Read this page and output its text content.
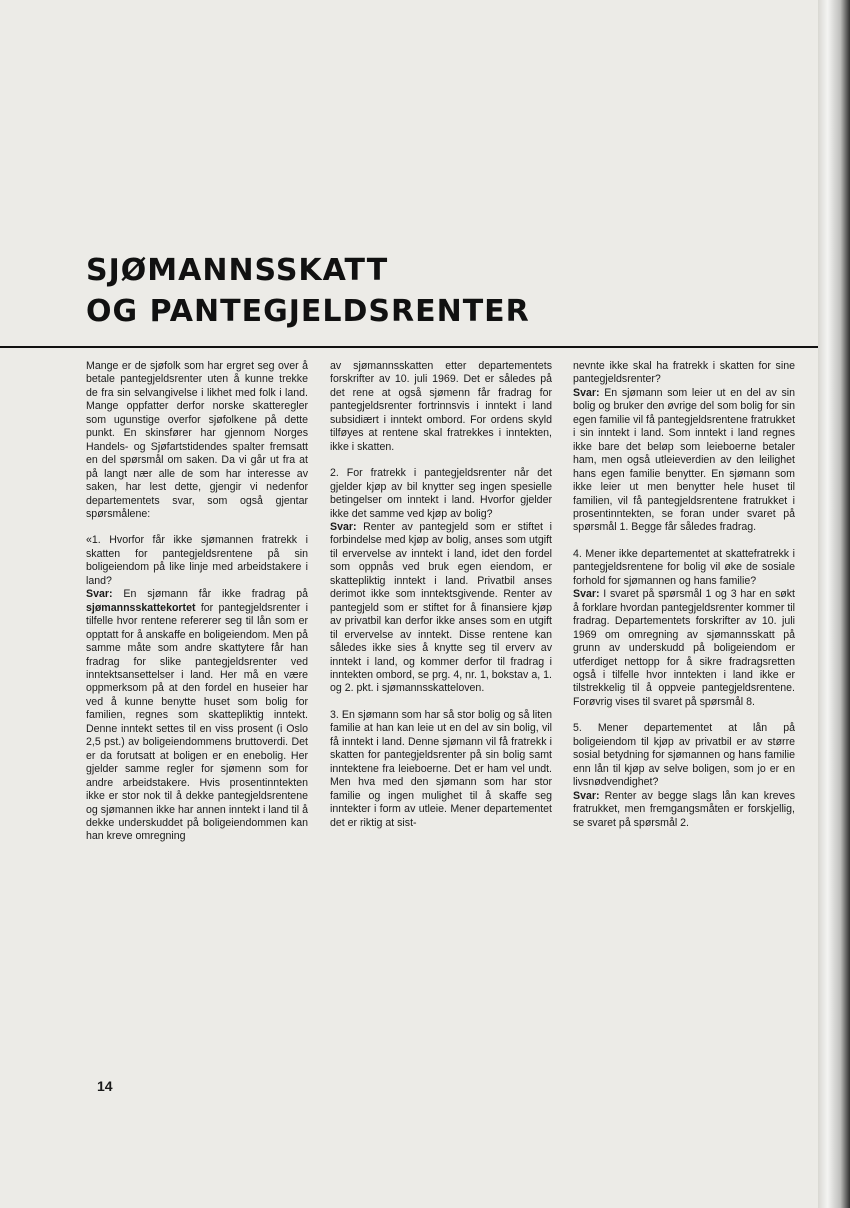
SJØMANNSSKATT
OG PANTEGJELDSRENTER

Mange er de sjøfolk som har ergret seg over å betale pantegjeldsrenter uten å kunne trekke de fra sin selvangivelse i likhet med folk i land. Mange oppfatter derfor norske skatteregler som ugunstige overfor sjøfolkene på dette punkt. En skinsfører har gjennom Norges Handels- og Sjøfartstidendes spalter fremsatt en del spørsmål om saken. Da vi går ut fra at på langt nær alle de som har interesse av saken, har lest dette, gjengir vi nedenfor departementets svar, som også gjentar spørsmålene:

«1. Hvorfor får ikke sjømannen fratrekk i skatten for pantegjeldsrentene på sin boligeiendom på like linje med arbeidstakere i land?

Svar: En sjømann får ikke fradrag på sjømannsskattekortet for pantegjeldsrenter i tilfelle hvor rentene refererer seg til lån som er opptatt for å anskaffe en boligeiendom. Men på samme måte som andre skattytere får han fradrag for slike pantegjeldsrenter ved inntektsansettelser i land. Her må en være oppmerksom på at den fordel en huseier har ved å kunne benytte huset som bolig for familien, regnes som skattepliktig inntekt. Denne inntekt settes til en viss prosent (i Oslo 2,5 pst.) av boligeiendommens bruttoverdi. Det er da forutsatt at boligen er en enebolig. Her gjelder samme regler for sjømenn som for andre arbeidstakere. Hvis prosentinntekten ikke er stor nok til å dekke pantegjeldsrentene og sjømannen ikke har annen inntekt i land til å dekke underskuddet på boligeiendommen kan han kreve omregning

av sjømannsskatten etter departementets forskrifter av 10. juli 1969. Det er således på det rene at også sjømenn får fradrag for pantegjeldsrenter fortrinnsvis i inntekt i land subsidiært i inntekt ombord. For ordens skyld tilføyes at rentene skal fratrekkes i inntekten, ikke i skatten.

2. For fratrekk i pantegjeldsrenter når det gjelder kjøp av bil knytter seg ingen spesielle betingelser om inntekt i land. Hvorfor gjelder ikke det samme ved kjøp av bolig?

Svar: Renter av pantegjeld som er stiftet i forbindelse med kjøp av bolig, anses som utgift til ervervelse av inntekt i land, idet den fordel som oppnås ved bruk egen eiendom, er skattepliktig inntekt i land. Privatbil anses derimot ikke som inntektsgivende. Renter av pantegjeld som er stiftet for å finansiere kjøp av privatbil kan derfor ikke anses som en utgift til ervervelse av inntekt. Disse rentene kan således ikke sies å knytte seg til erverv av inntekt i land, og kommer derfor til fradrag i inntekten ombord, se prg. 4, nr. 1, bokstav a, 1. og 2. pkt. i sjømannsskatteloven.

3. En sjømann som har så stor bolig og så liten familie at han kan leie ut en del av sin bolig, vil få inntekt i land. Denne sjømann vil få fratrekk i skatten for pantegjeldsrenter på sin bolig samt inntektene fra leieboerne. Det er ham vel undt. Men hva med den sjømann som har stor familie og ingen mulighet til å skaffe seg inntekter i form av utleie. Mener departementet det er riktig at sist-

nevnte ikke skal ha fratrekk i skatten for sine pantegjeldsrenter?

Svar: En sjømann som leier ut en del av sin bolig og bruker den øvrige del som bolig for sin egen familie vil få pantegjeldsrentene fratrukket i sin inntekt i land. Som inntekt i land regnes ikke bare det beløp som leieboerne betaler ham, men også utleieverdien av den leilighet hans egen familie benytter. En sjømann som ikke leier ut men benytter hele huset til familien, vil få pantegjeldsrentene fratrukket i prosentinntekten, se foran under svaret på spørsmål 1. Begge får således fradrag.

4. Mener ikke departementet at skattefratrekk i pantegjeldsrentene for bolig vil øke de sosiale forhold for sjømannen og hans familie?

Svar: I svaret på spørsmål 1 og 3 har en søkt å forklare hvordan pantegjeldsrenter kommer til fradrag. Departementets forskrifter av 10. juli 1969 om omregning av sjømannsskatt på grunn av underskudd på boligeiendom er utferdiget nettopp for å sikre fradragsretten også i tilfelle hvor inntekten i land ikke er tilstrekkelig til å oppveie pantegjeldsrentene. Forøvrig vises til svaret på spørsmål 8.

5. Mener departementet at lån på boligeiendom til kjøp av privatbil er av større sosial betydning for sjømannen og hans familie enn lån til kjøp av selve boligen, som jo er en livsnødvendighet?

Svar: Renter av begge slags lån kan kreves fratrukket, men fremgangsmåten er forskjellig, se svaret på spørsmål 2.

14
